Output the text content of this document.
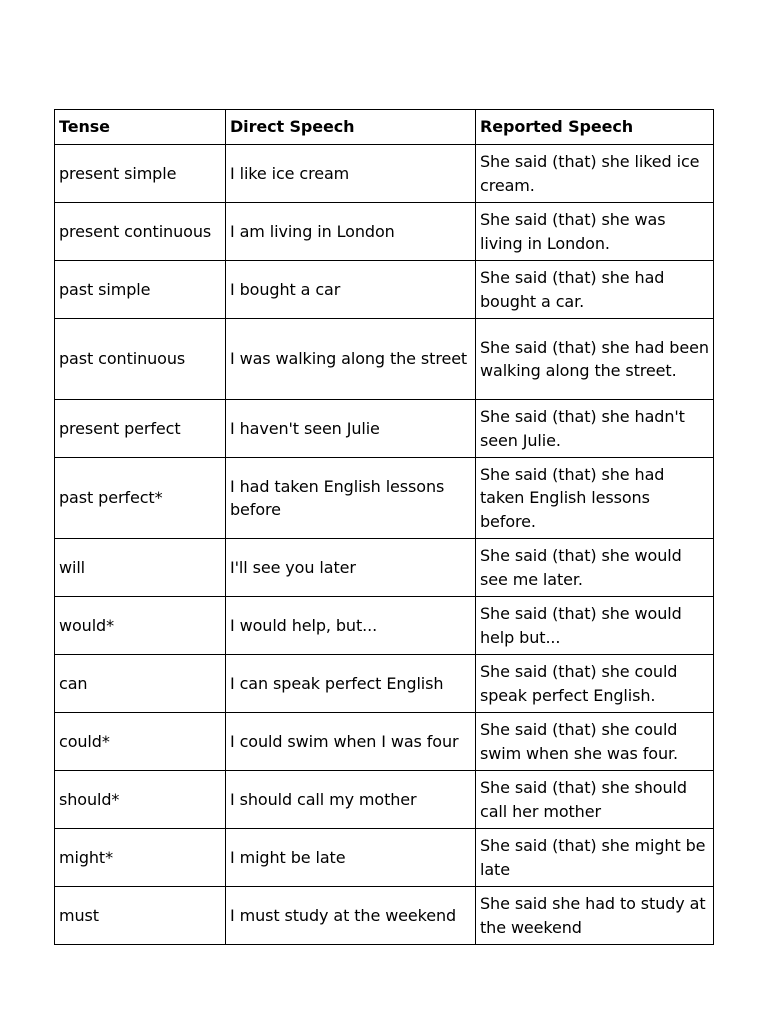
Tense	Direct Speech	Reported Speech
present simple	I like ice cream	She said (that) she liked ice cream.
present continuous	I am living in London	She said (that) she was living in London.
past simple	I bought a car	She said (that) she had bought a car.
past continuous	I was walking along the street	She said (that) she had been walking along the street.
present perfect	I haven't seen Julie	She said (that) she hadn't seen Julie.
past perfect*	I had taken English lessons before	She said (that) she had taken English lessons before.
will	I'll see you later	She said (that) she would see me later.
would*	I would help, but...	She said (that) she would help but...
can	I can speak perfect English	She said (that) she could speak perfect English.
could*	I could swim when I was four	She said (that) she could swim when she was four.
should*	I should call my mother	She said (that) she should call her mother
might*	I might be late	She said (that) she might be late
must	I must study at the weekend	She said she had to study at the weekend
